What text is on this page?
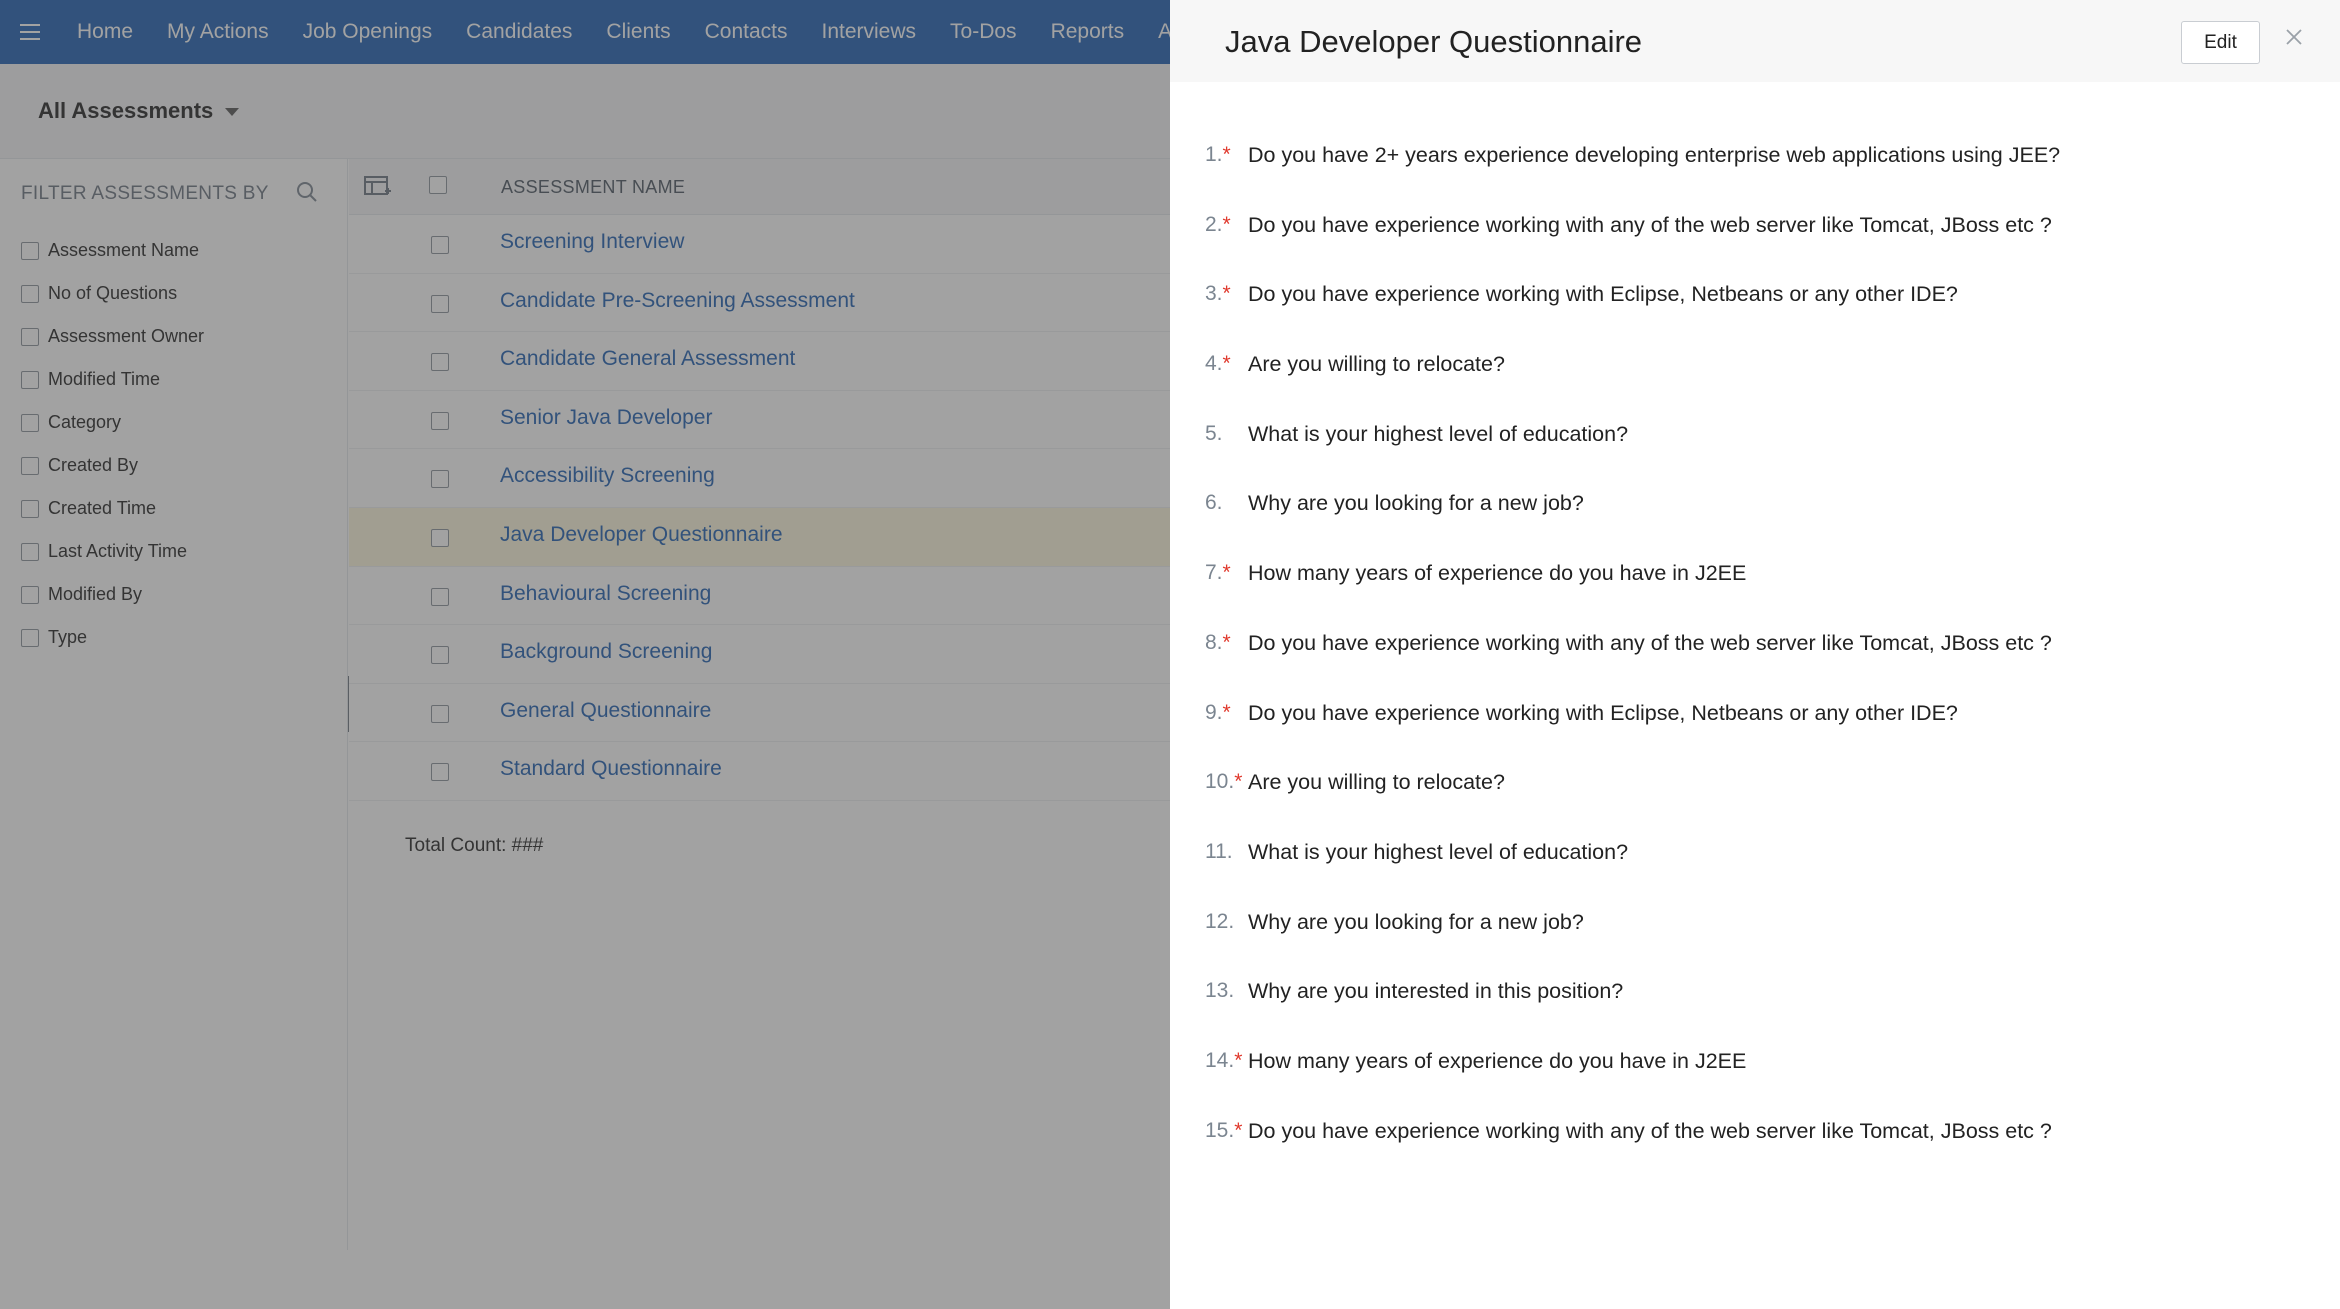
Java Developer Questionnaire	Edit
1.* Do you have 2+ years experience developing enterprise web applications using JEE?
2.* Do you have experience working with any of the web server like Tomcat, JBoss etc ?
3.* Do you have experience working with Eclipse, Netbeans or any other IDE?
4.* Are you willing to relocate?
5. What is your highest level of education?
6. Why are you looking for a new job?
7.* How many years of experience do you have in J2EE
8.* Do you have experience working with any of the web server like Tomcat, JBoss etc ?
9.* Do you have experience working with Eclipse, Netbeans or any other IDE?
10.* Are you willing to relocate?
11. What is your highest level of education?
12. Why are you looking for a new job?
13. Why are you interested in this position?
14.* How many years of experience do you have in J2EE
15.* Do you have experience working with any of the web server like Tomcat, JBoss etc ?
